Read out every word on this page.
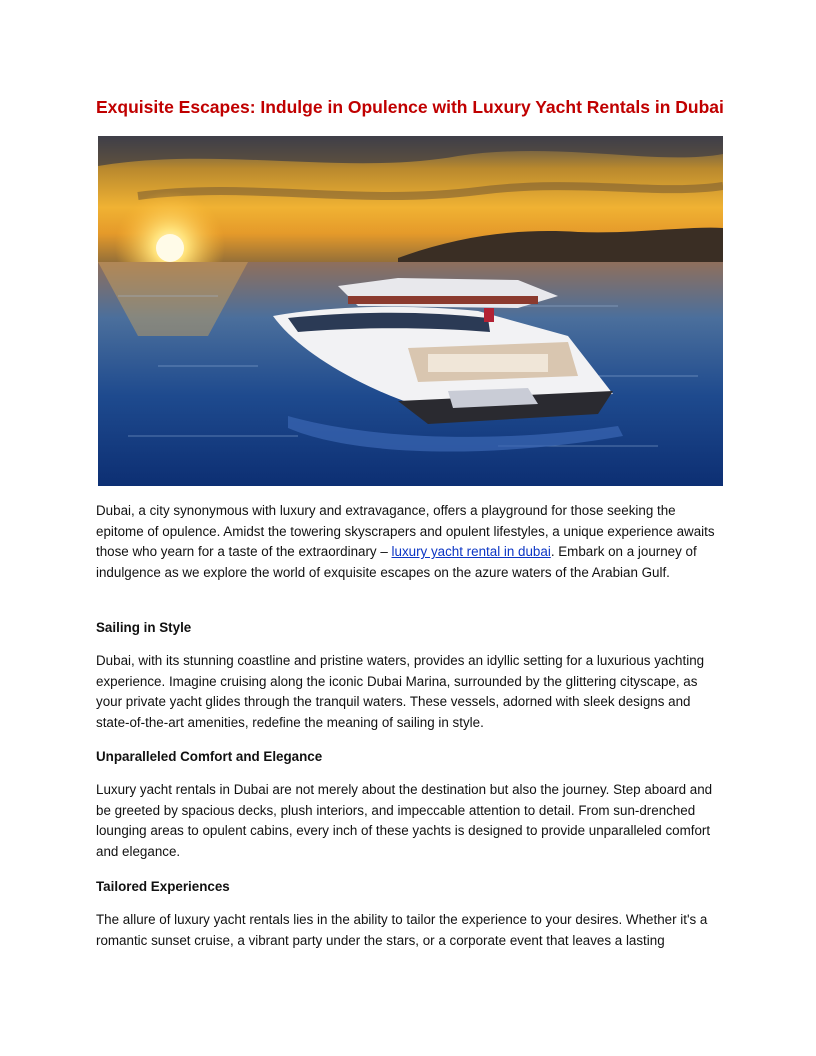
Exquisite Escapes: Indulge in Opulence with Luxury Yacht Rentals in Dubai

Dubai, a city synonymous with luxury and extravagance, offers a playground for those seeking the epitome of opulence. Amidst the towering skyscrapers and opulent lifestyles, a unique experience awaits those who yearn for a taste of the extraordinary – luxury yacht rental in dubai. Embark on a journey of indulgence as we explore the world of exquisite escapes on the azure waters of the Arabian Gulf.

Sailing in Style

Dubai, with its stunning coastline and pristine waters, provides an idyllic setting for a luxurious yachting experience. Imagine cruising along the iconic Dubai Marina, surrounded by the glittering cityscape, as your private yacht glides through the tranquil waters. These vessels, adorned with sleek designs and state-of-the-art amenities, redefine the meaning of sailing in style.

Unparalleled Comfort and Elegance

Luxury yacht rentals in Dubai are not merely about the destination but also the journey. Step aboard and be greeted by spacious decks, plush interiors, and impeccable attention to detail. From sun-drenched lounging areas to opulent cabins, every inch of these yachts is designed to provide unparalleled comfort and elegance.

Tailored Experiences

The allure of luxury yacht rentals lies in the ability to tailor the experience to your desires. Whether it's a romantic sunset cruise, a vibrant party under the stars, or a corporate event that leaves a lasting
